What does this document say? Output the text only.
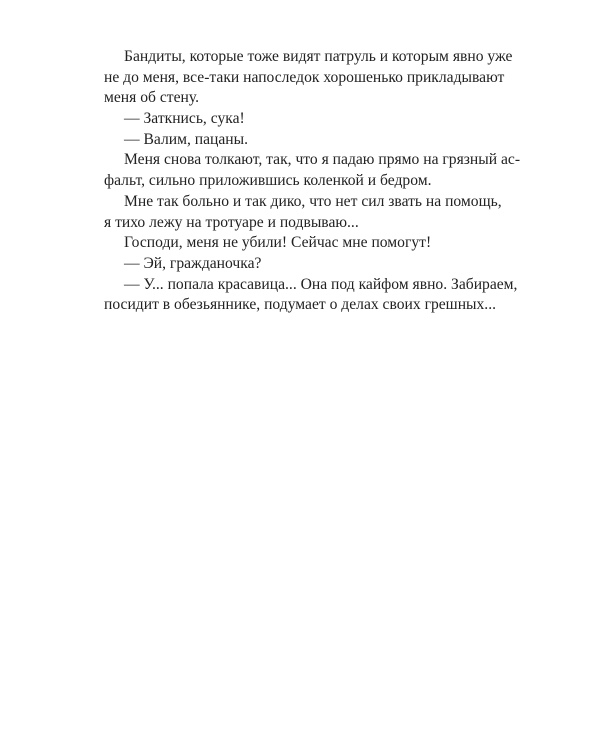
Бандиты, которые тоже видят патруль и которым явно уже
не до меня, все-таки напоследок хорошенько прикладывают
меня об стену.
— Заткнись, сука!
— Валим, пацаны.
Меня снова толкают, так, что я падаю прямо на грязный ас-
фальт, сильно приложившись коленкой и бедром.
Мне так больно и так дико, что нет сил звать на помощь,
я тихо лежу на тротуаре и подвываю...
Господи, меня не убили! Сейчас мне помогут!
— Эй, гражданочка?
— У... попала красавица... Она под кайфом явно. Забираем,
посидит в обезьяннике, подумает о делах своих грешных...
